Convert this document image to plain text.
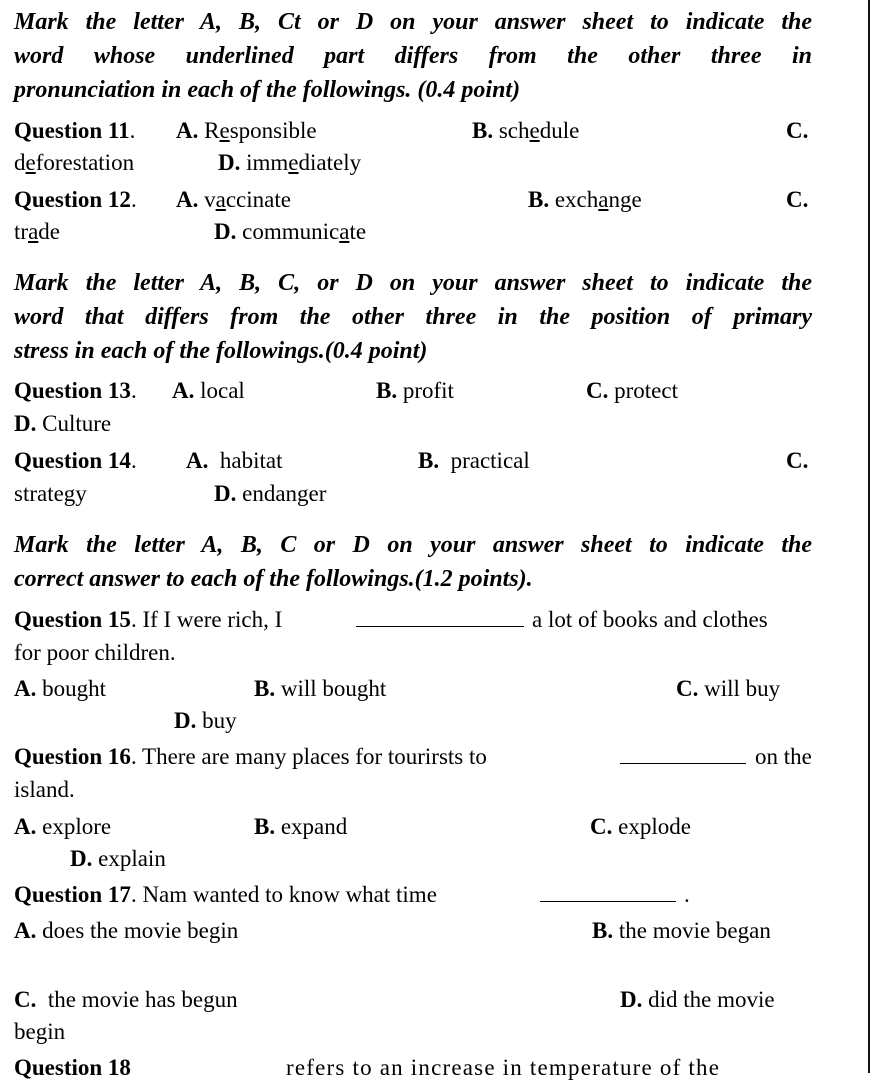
Mark the letter A, B, Ct or D on your answer sheet to indicate the
word whose underlined part differs from the other three in
pronunciation in each of the followings. (0.4 point)
Question 11. A. Responsible	B. schedule	C.
deforestation	D. immediately
Question 12. A. vaccinate	B. exchange	C.
trade	D. communicate
Mark the letter A, B, C, or D on your answer sheet to indicate the
word that differs from the other three in the position of primary
stress in each of the followings.(0.4 point)
Question 13. A. local	B. profit	C. protect
D. Culture
Question 14. A. habitat	B. practical	C.
strategy	D. endanger
Mark the letter A, B, C or D on your answer sheet to indicate the
correct answer to each of the followings.(1.2 points).
Question 15. If I were rich, I	a lot of books and clothes
for poor children.
A. bought	B. will bought	C. will buy
D. buy
Question 16. There are many places for tourirsts to	on the
island.
A. explore	B. expand	C. explode
D. explain
Question 17. Nam wanted to know what time	.
A. does the movie begin	B. the movie began
C. the movie has begun	D. did the movie
begin
Question 18	refers to an increase in temperature of the
